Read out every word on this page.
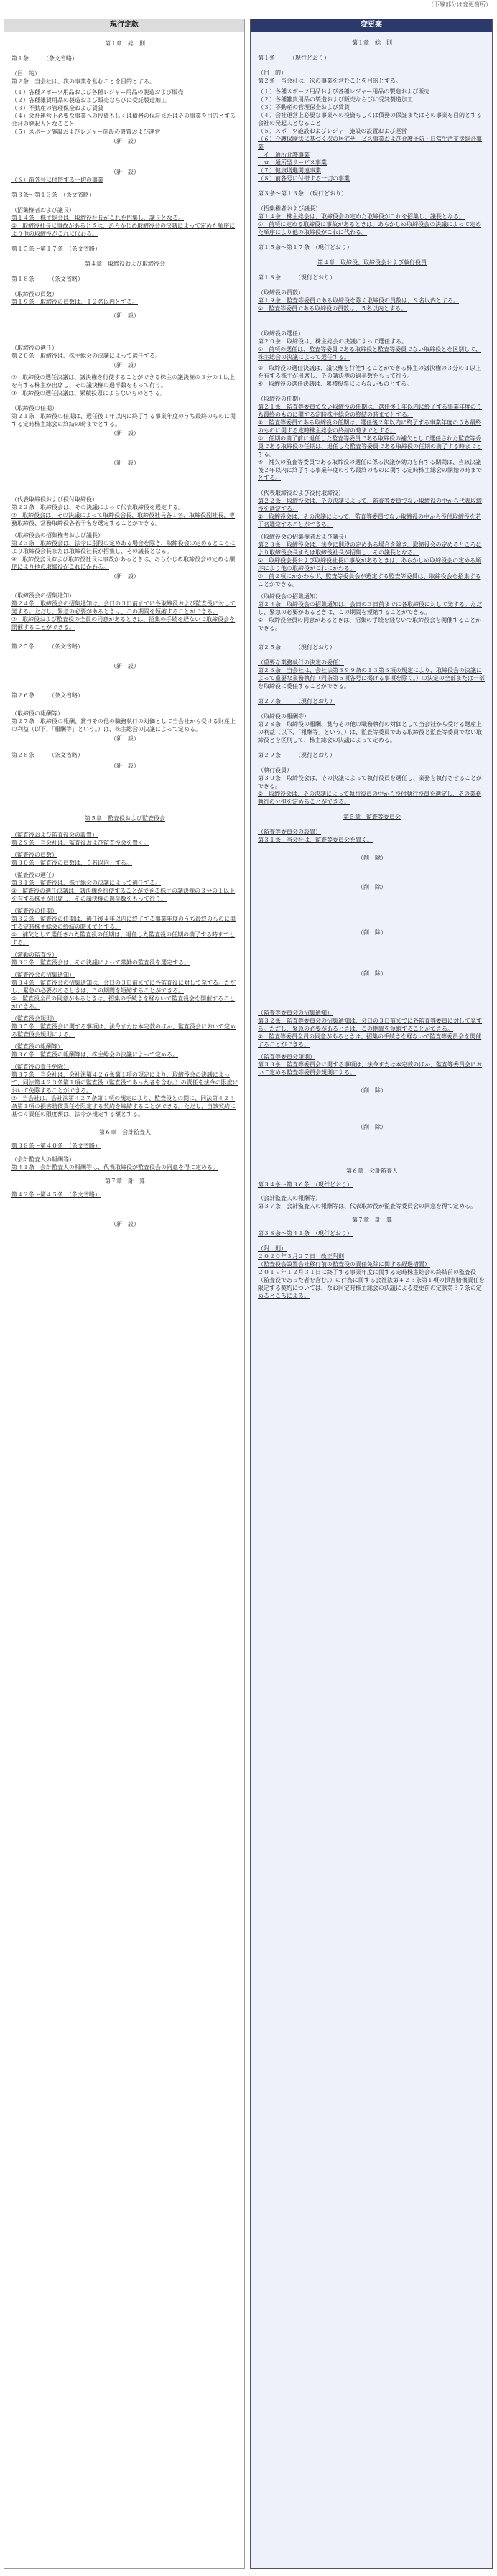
（下線部分は変更箇所）
現行定款
第１章　総　則
第１条　　　（条文省略）
（目　的）
第２条　当会社は、次の事業を営むことを目的とする。
（１）各種スポーツ用品および各種レジャー用品の製造および販売
（２）各種雑貨用品の製造および販売ならびに受託製造加工
（３）不動産の管理保全および賃貸
（４）会社運営上必要な事業への投資もしくは債務の保証またはその事業を目的とする会社の発起人となること
（５）スポーツ施設およびレジャー施設の設置および運営
（新　設）
（新　設）
（６）前各号に付帯する一切の事業
第３条〜第１３条　（条文省略）
（招集権者および議長）
第１４条　株主総会は、取締役社長がこれを招集し、議長となる。
②　取締役社長に事故があるときは、あらかじめ取締役会の決議によって定めた順序により他の取締役がこれに代わる。
第１５条〜第１７条　（条文省略）
第４章　取締役および取締役会
第１８条　　　（条文省略）
（取締役の員数）
第１９条　取締役の員数は、１２名以内とする。
（新　設）
（取締役の選任）
第２０条　取締役は、株主総会の決議によって選任する。
（新　設）
②　取締役の選任決議は、議決権を行使することができる株主の議決権の３分の１以上を有する株主が出席し、その議決権の過半数をもって行う。
③　取締役の選任決議は、累積投票によらないものとする。
（取締役の任期）
第２１条　取締役の任期は、選任後１年以内に終了する事業年度のうち最終のものに関する定時株主総会の終結の時までとする。
（新　設）
（新　設）
（代表取締役および役付取締役）
第２２条　取締役会は、その決議によって代表取締役を選定する。
②　取締役会は、その決議によって取締役会長、取締役社長各１名、取締役副社長、専務取締役、常務取締役各若干名を選定することができる。
（取締役会の招集権者および議長）
第２３条　取締役会は、法令に別段の定めある場合を除き、取締役会の定めるところにより取締役会長または取締役社長が招集し、その議長となる。
②　取締役会長および取締役社長に事故があるときは、あらかじめ取締役会の定める順序により他の取締役がこれにかわる。
（新　設）
（取締役会の招集通知）
第２４条　取締役会の招集通知は、会日の３日前までに各取締役および監査役に対して発する。ただし、緊急の必要があるときは、この期間を短縮することができる。
②　取締役および監査役の全員の同意があるときは、招集の手続を経ないで取締役会を開催することができる。
第２５条　　　（条文省略）
（新　設）
第２６条　　　（条文省略）
（取締役の報酬等）
第２７条　取締役の報酬、賞与その他の職務執行の対価として当会社から受ける財産上の利益（以下、「報酬等」という。）は、株主総会の決議によって定める。
（新　設）
第２８条　　　（条文省略）
（新　設）
第５章　監査役および監査役会
（監査役および監査役会の設置）
第２９条　当会社は、監査役および監査役会を置く。
（監査役の員数）
第３０条　監査役の員数は、５名以内とする。
（監査役の選任）
第３１条　監査役は、株主総会の決議によって選任する。
②　監査役の選任決議は、議決権を行使することができる株主の議決権の３分の１以上を有する株主が出席し、その議決権の過半数をもって行う。
（監査役の任期）
第３２条　監査役の任期は、選任後４年以内に終了する事業年度のうち最終のものに関する定時株主総会の終結の時までとする。
②　補欠として選任された監査役の任期は、退任した監査役の任期の満了する時までとする。
（常勤の監査役）
第３３条　監査役会は、その決議によって常勤の監査役を選定する。
（監査役会の招集通知）
第３４条　監査役会の招集通知は、会日の３日前までに各監査役に対して発する。ただし、緊急の必要があるときは、この期間を短縮することができる。
②　監査役全員の同意があるときは、招集の手続きを経ないで監査役会を開催することができる。
（監査役会規則）
第３５条　監査役会に関する事項は、法令または本定款のほか、監査役会において定める監査役会規則による。
（監査役の報酬等）
第３６条　監査役の報酬等は、株主総会の決議によって定める。
（監査役の責任免除）
第３７条　当会社は、会社法第４２６条第１項の規定により、取締役会の決議によって、同法第４２３条第１項の監査役（監査役であった者を含む。）の責任を法令の限度において免除することができる。
②　当会社は、会社法第４２７条第１項の規定により、監査役との間に、同法第４２３条第１項の損害賠償責任を限定する契約を締結することができる。ただし、当該契約に基づく責任の限度額は、法令が規定する額とする。
第６章　会計監査人
第３８条〜第４０条　（条文省略）
（会計監査人の報酬等）
第４１条　会計監査人の報酬等は、代表取締役が監査役会の同意を得て定める。
第７章　計　算
第４２条〜第４５条　（条文省略）
（新　設）
変更案
第１章　総　則
第１条　　　（現行どおり）
（目　的）
第２条　当会社は、次の事業を営むことを目的とする。
（１）各種スポーツ用品および各種レジャー用品の製造および販売
（２）各種雑貨用品の製造および販売ならびに受託製造加工
（３）不動産の管理保全および賃貸
（４）会社運営上必要な事業への投資もしくは債務の保証またはその事業を目的とする会社の発起人となること
（５）スポーツ施設およびレジャー施設の設置および運営
（６）介護保険法に基づく次の居宅サービス事業および介護予防・日常生活支援総合事業
　イ　通所介護事業
　ロ　通所型サービス事業
（７）健康増進関連事業
（８）前各号に付帯する一切の事業
第３条〜第１３条　（現行どおり）
（招集権者および議長）
第１４条　株主総会は、取締役会の定めた取締役がこれを招集し、議長となる。
②　前項に定める取締役に事故があるときは、あらかじめ取締役会の決議によって定めた順序により他の取締役がこれに代わる。
第１５条〜第１７条　（現行どおり）
第４章　取締役、取締役会および執行役員
第１８条　　　（現行どおり）
（取締役の員数）
第１９条　監査等委員である取締役を除く取締役の員数は、９名以内とする。
②　監査等委員である取締役の員数は、５名以内とする。
（取締役の選任）
第２０条　取締役は、株主総会の決議によって選任する。
②　前項の選任は、監査等委員である取締役と監査等委員でない取締役とを区別して、株主総会の決議によって選任する。
③　取締役の選任決議は、議決権を行使することができる株主の議決権の３分の１以上を有する株主が出席し、その議決権の過半数をもって行う。
④　取締役の選任決議は、累積投票によらないものとする。
（取締役の任期）
第２１条　監査等委員でない取締役の任期は、選任後１年以内に終了する事業年度のうち最終のものに関する定時株主総会の終結の時までとする。
②　監査等委員である取締役の任期は、選任後２年以内に終了する事業年度のうち最終のものに関する定時株主総会の終結の時までとする。
③　任期の満了前に退任した監査等委員である取締役の補欠として選任された監査等委員である取締役の任期は、退任した監査等委員である取締役の任期の満了する時までとする。
④　補欠の監査等委員である取締役の選任に係る決議が効力を有する期間は、当該決議後２年以内に終了する事業年度のうち最終のものに関する定時株主総会の開始の時までとする。
（代表取締役および役付取締役）
第２２条　取締役会は、その決議によって、監査等委員でない取締役の中から代表取締役を選定する。
②　取締役会は、その決議によって、監査等委員でない取締役の中から役付取締役を若干名選定することができる。
（取締役会の招集権者および議長）
第２３条　取締役会は、法令に別段の定めある場合を除き、取締役会の定めるところにより取締役会長または取締役社長が招集し、その議長となる。
②　取締役会長および取締役社長に事故があるときは、あらかじめ取締役会の定める順序により他の取締役がこれにかわる。
③　前２項にかかわらず、監査等委員会が選定する監査等委員は、取締役会を招集することができる。
（取締役会の招集通知）
第２４条　取締役会の招集通知は、会日の３日前までに各取締役に対して発する。ただし、緊急の必要があるときは、この期間を短縮することができる。
②　取締役全員の同意があるときは、招集の手続を経ないで取締役会を開催することができる。
第２５条　　　（現行どおり）
（重要な業務執行の決定の委任）
第２６条　当会社は、会社法第３９９条の１３第６項の規定により、取締役会の決議によって重要な業務執行（同条第５項各号に掲げる事項を除く。）の決定の全部または一部を取締役に委任することができる。
第２７条　　　（現行どおり）
（取締役の報酬等）
第２８条　取締役の報酬、賞与その他の職務執行の対価として当会社から受ける財産上の利益（以下、「報酬等」という。）は、監査等委員である取締役と監査等委員でない取締役とを区別して、株主総会の決議によって定める。
第２９条　　　（現行どおり）
（執行役員）
第３０条　取締役会は、その決議によって執行役員を選任し、業務を執行させることができる。
②　取締役会は、その決議によって執行役員の中から役付執行役員を選定し、その業務執行の分担を定めることができる。
第５章　監査等委員会
（監査等委員会の設置）
第３１条　当会社は、監査等委員会を置く。
（削　除）
（削　除）
（削　除）
（削　除）
（監査等委員会の招集通知）
第３２条　監査等委員会の招集通知は、会日の３日前までに各監査等委員に対して発する。ただし、緊急の必要があるときは、この期間を短縮することができる。
②　監査等委員全員の同意があるときは、招集の手続きを経ないで監査等委員会を開催することができる。
（監査等委員会規則）
第３３条　監査等委員会に関する事項は、法令または本定款のほか、監査等委員会において定める監査等委員会規則による。
（削　除）
（削　除）
第６章　会計監査人
第３４条〜第３６条　（現行どおり）
（会計監査人の報酬等）
第３７条　会計監査人の報酬等は、代表取締役が監査等委員会の同意を得て定める。
第７章　計　算
第３８条〜第４１条　（現行どおり）
（附　則）
２０２０年３月２７日　改正附則
（監査役会設置会社移行前の監査役の責任免除に関する経過措置）
２０１９年１２月３１日に終了する事業年度に関する定時株主総会の終結前の監査役（監査役であった者を含む。）の行為に関する会社法第４２３条第１項の損害賠償責任を限定する契約については、なお同定時株主総会の決議による変更前の定款第３７条の定めるところによる。
